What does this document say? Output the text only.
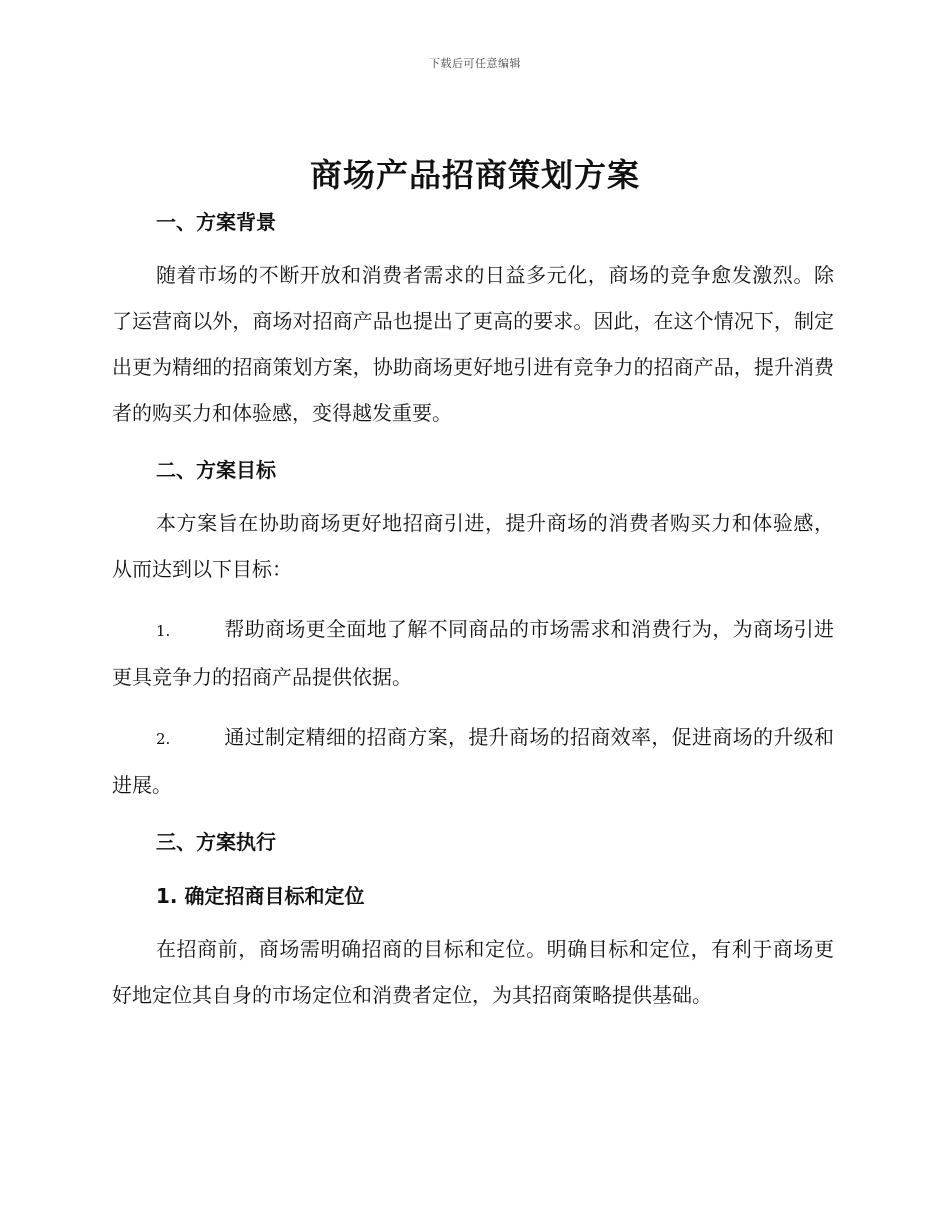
下载后可任意编辑
商场产品招商策划方案
一、方案背景

随着市场的不断开放和消费者需求的日益多元化，商场的竞争愈发激烈。除了运营商以外，商场对招商产品也提出了更高的要求。因此，在这个情况下，制定出更为精细的招商策划方案，协助商场更好地引进有竞争力的招商产品，提升消费者的购买力和体验感，变得越发重要。

二、方案目标

本方案旨在协助商场更好地招商引进，提升商场的消费者购买力和体验感，从而达到以下目标：

1.	帮助商场更全面地了解不同商品的市场需求和消费行为，为商场引进更具竞争力的招商产品提供依据。

2.	通过制定精细的招商方案，提升商场的招商效率，促进商场的升级和进展。

三、方案执行
1. 确定招商目标和定位

在招商前，商场需明确招商的目标和定位。明确目标和定位，有利于商场更好地定位其自身的市场定位和消费者定位，为其招商策略提供基础。
